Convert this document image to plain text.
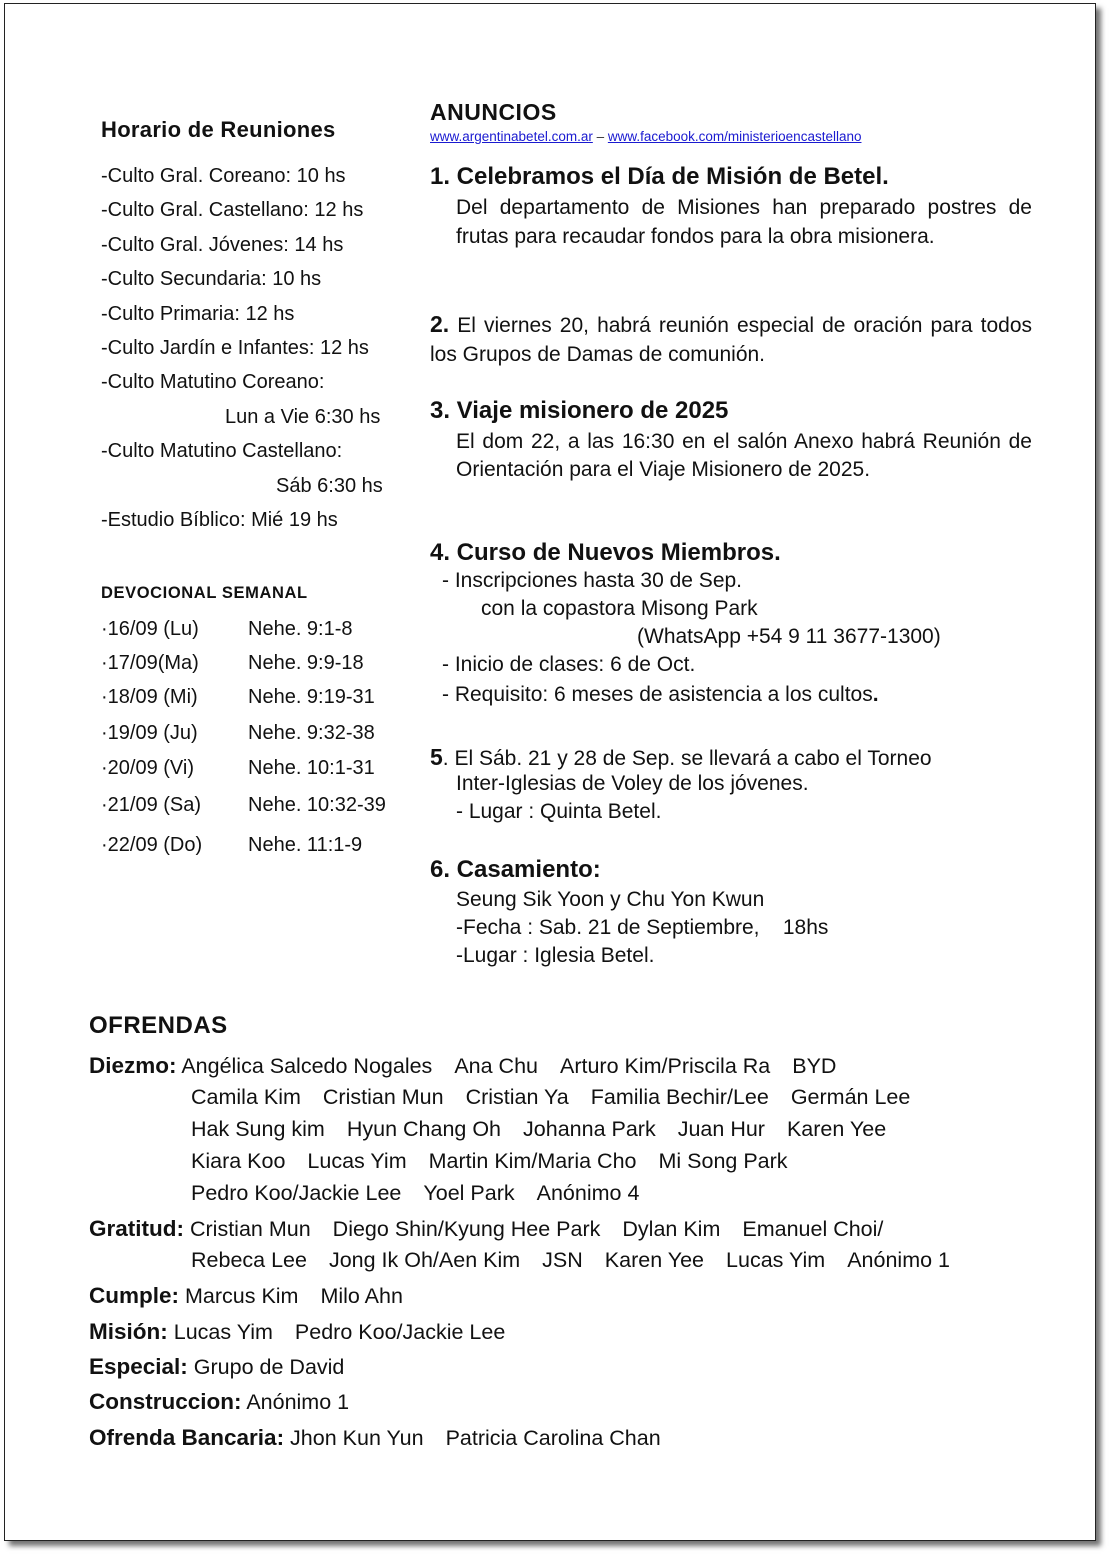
Horario de Reuniones
-Culto Gral. Coreano: 10 hs
-Culto Gral. Castellano: 12 hs
-Culto Gral. Jóvenes: 14 hs
-Culto Secundaria: 10 hs
-Culto Primaria: 12 hs
-Culto Jardín e Infantes: 12 hs
-Culto Matutino Coreano:
Lun a Vie 6:30 hs
-Culto Matutino Castellano:
Sáb 6:30 hs
-Estudio Bíblico: Mié 19 hs
DEVOCIONAL SEMANAL
·16/09 (Lu) Nehe. 9:1-8
·17/09(Ma) Nehe. 9:9-18
·18/09 (Mi)	Nehe. 9:19-31
·19/09 (Ju)	Nehe. 9:32-38
·20/09 (Vi)	Nehe. 10:1-31
·21/09 (Sa) Nehe. 10:32-39
·22/09 (Do) Nehe. 11:1-9
ANUNCIOS
www.argentinabetel.com.ar – www.facebook.com/ministerioencastellano
1. Celebramos el Día de Misión de Betel.
Del departamento de Misiones han preparado postres de frutas para recaudar fondos para la obra misionera.
2. El viernes 20, habrá reunión especial de oración para todos los Grupos de Damas de comunión.
3. Viaje misionero de 2025
El dom 22, a las 16:30 en el salón Anexo habrá Reunión de Orientación para el Viaje Misionero de 2025.
4. Curso de Nuevos Miembros.
- Inscripciones hasta 30 de Sep.
con la copastora Misong Park
(WhatsApp +54 9 11 3677-1300)
- Inicio de clases: 6 de Oct.
- Requisito: 6 meses de asistencia a los cultos.
5. El Sáb. 21 y 28 de Sep. se llevará a cabo el Torneo
Inter-Iglesias de Voley de los jóvenes.
- Lugar : Quinta Betel.
6. Casamiento:
Seung Sik Yoon y Chu Yon Kwun
-Fecha : Sab. 21 de Septiembre,    18hs
-Lugar : Iglesia Betel.
OFRENDAS
Diezmo: Angélica Salcedo Nogales Ana Chu Arturo Kim/Priscila Ra BYD
Camila Kim Cristian Mun Cristian Ya Familia Bechir/Lee Germán Lee
Hak Sung kim Hyun Chang Oh Johanna Park Juan Hur Karen Yee
Kiara Koo Lucas Yim Martin Kim/Maria Cho Mi Song Park
Pedro Koo/Jackie Lee Yoel Park Anónimo 4
Gratitud: Cristian Mun Diego Shin/Kyung Hee Park Dylan Kim Emanuel Choi/
Rebeca Lee Jong Ik Oh/Aen Kim JSN Karen Yee Lucas Yim Anónimo 1
Cumple: Marcus Kim Milo Ahn
Misión: Lucas Yim Pedro Koo/Jackie Lee
Especial: Grupo de David
Construccion: Anónimo 1
Ofrenda Bancaria: Jhon Kun Yun Patricia Carolina Chan
